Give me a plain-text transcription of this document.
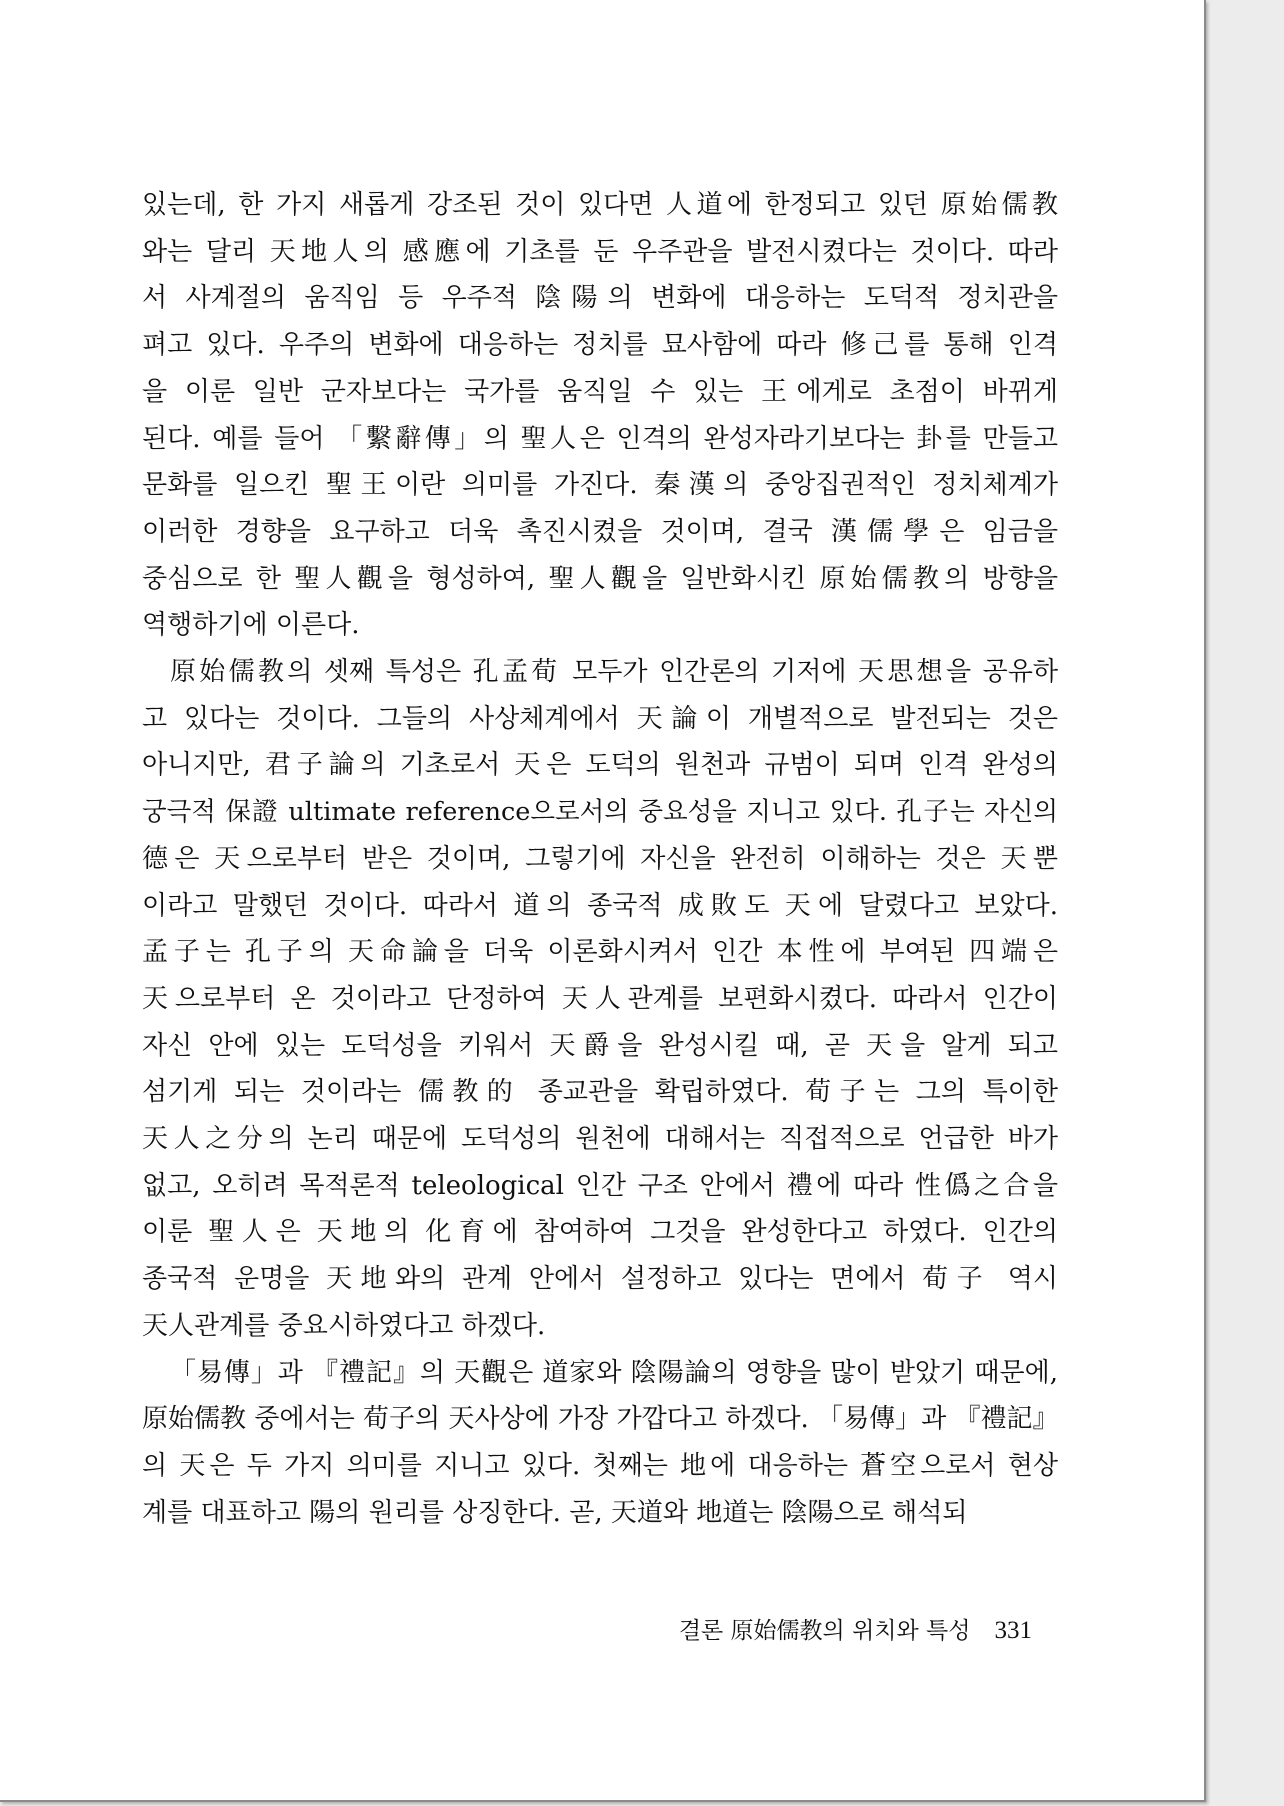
있는데, 한 가지 새롭게 강조된 것이 있다면 人道에 한정되고 있던 原始儒教
와는 달리 天地人의 感應에 기초를 둔 우주관을 발전시켰다는 것이다. 따라
서 사계절의 움직임 등 우주적 陰陽의 변화에 대응하는 도덕적 정치관을
펴고 있다. 우주의 변화에 대응하는 정치를 묘사함에 따라 修己를 통해 인격
을 이룬 일반 군자보다는 국가를 움직일 수 있는 王에게로 초점이 바뀌게
된다. 예를 들어 「繫辭傳」의 聖人은 인격의 완성자라기보다는 卦를 만들고
문화를 일으킨 聖王이란 의미를 가진다. 秦漢의 중앙집권적인 정치체계가
이러한 경향을 요구하고 더욱 촉진시켰을 것이며, 결국 漢儒學은 임금을
중심으로 한 聖人觀을 형성하여, 聖人觀을 일반화시킨 原始儒教의 방향을
역행하기에 이른다.
原始儒教의 셋째 특성은 孔孟荀 모두가 인간론의 기저에 天思想을 공유하
고 있다는 것이다. 그들의 사상체계에서 天論이 개별적으로 발전되는 것은
아니지만, 君子論의 기초로서 天은 도덕의 원천과 규범이 되며 인격 완성의
궁극적 保證 ultimate reference으로서의 중요성을 지니고 있다. 孔子는 자신의
德은 天으로부터 받은 것이며, 그렇기에 자신을 완전히 이해하는 것은 天뿐
이라고 말했던 것이다. 따라서 道의 종국적 成敗도 天에 달렸다고 보았다.
孟子는 孔子의 天命論을 더욱 이론화시켜서 인간 本性에 부여된 四端은
天으로부터 온 것이라고 단정하여 天人관계를 보편화시켰다. 따라서 인간이
자신 안에 있는 도덕성을 키워서 天爵을 완성시킬 때, 곧 天을 알게 되고
섬기게 되는 것이라는 儒教的 종교관을 확립하였다. 荀子는 그의 특이한
天人之分의 논리 때문에 도덕성의 원천에 대해서는 직접적으로 언급한 바가
없고, 오히려 목적론적 teleological 인간 구조 안에서 禮에 따라 性僞之合을
이룬 聖人은 天地의 化育에 참여하여 그것을 완성한다고 하였다. 인간의
종국적 운명을 天地와의 관계 안에서 설정하고 있다는 면에서 荀子 역시
天人관계를 중요시하였다고 하겠다.
「易傳」과 『禮記』의 天觀은 道家와 陰陽論의 영향을 많이 받았기 때문에,
原始儒教 중에서는 荀子의 天사상에 가장 가깝다고 하겠다. 「易傳」과 『禮記』
의 天은 두 가지 의미를 지니고 있다. 첫째는 地에 대응하는 蒼空으로서 현상
계를 대표하고 陽의 원리를 상징한다. 곧, 天道와 地道는 陰陽으로 해석되
결론 原始儒教의 위치와 특성 331
